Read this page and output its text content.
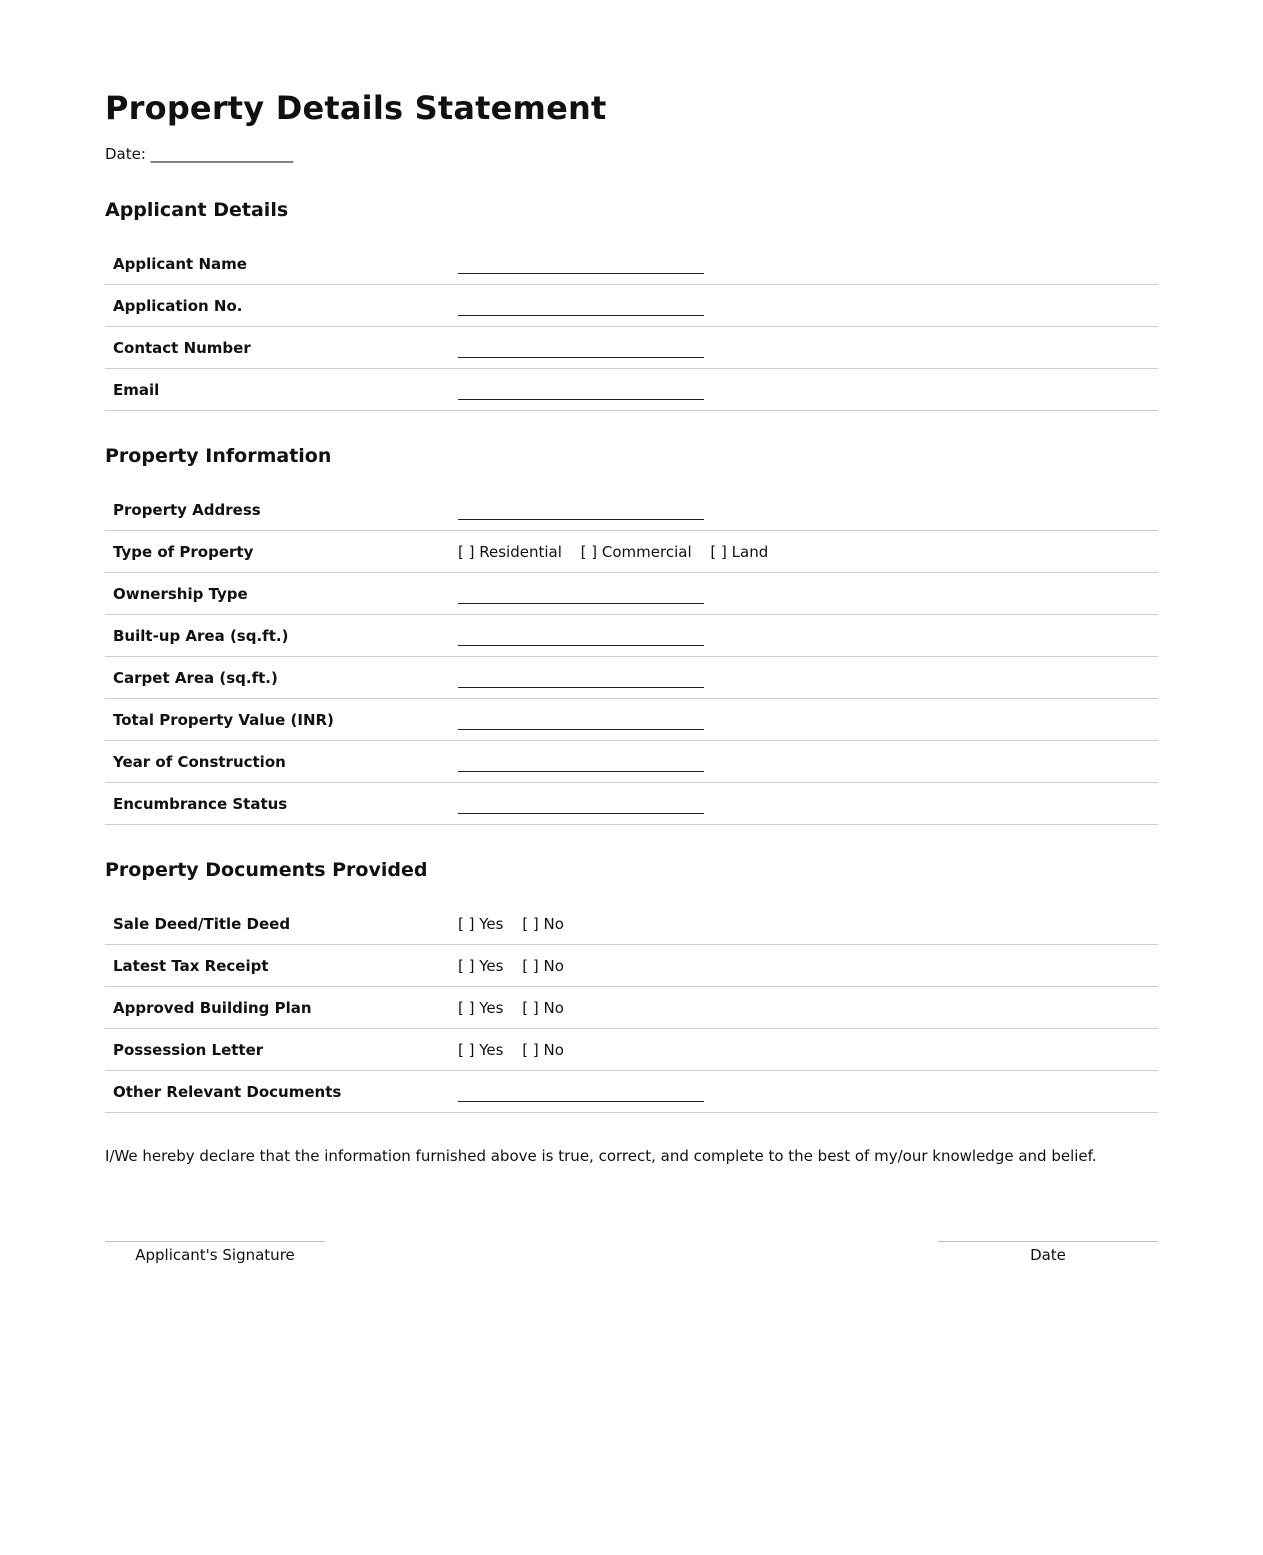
Property Details Statement
Date: ___________________
Applicant Details
Applicant Name	
Application No.	
Contact Number	
Email	
Property Information
Property Address	
Type of Property	[ ] Residential [ ] Commercial [ ] Land
Ownership Type	
Built-up Area (sq.ft.)	
Carpet Area (sq.ft.)	
Total Property Value (INR)	
Year of Construction	
Encumbrance Status	
Property Documents Provided
Sale Deed/Title Deed	[ ] Yes [ ] No
Latest Tax Receipt	[ ] Yes [ ] No
Approved Building Plan	[ ] Yes [ ] No
Possession Letter	[ ] Yes [ ] No
Other Relevant Documents	

I/We hereby declare that the information furnished above is true, correct, and complete to the best of my/our knowledge and belief.

Applicant's Signature	Date
